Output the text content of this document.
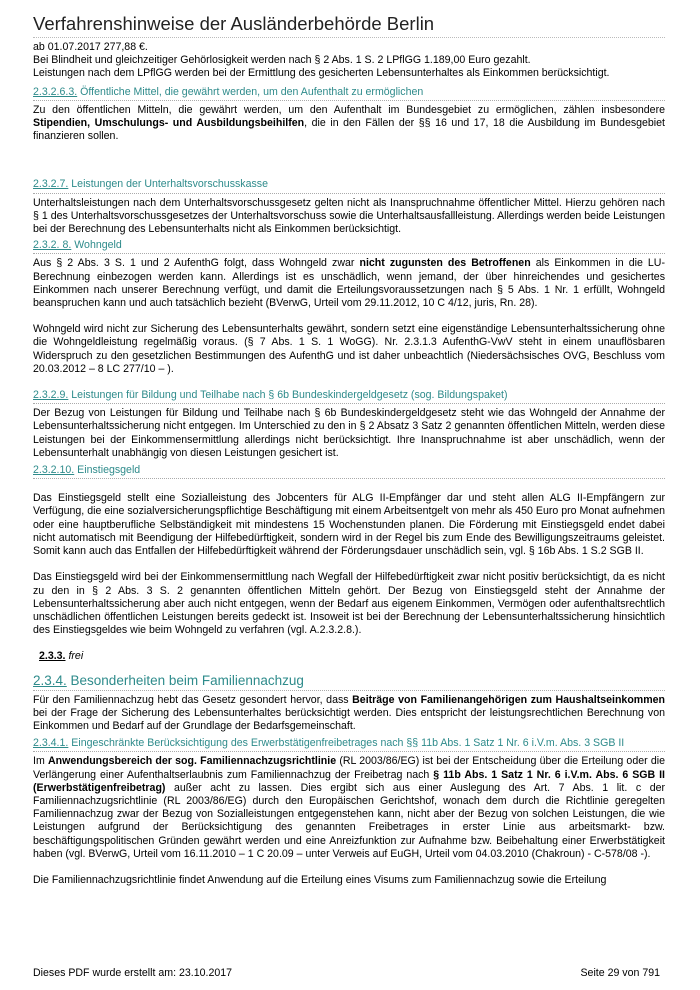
Verfahrenshinweise der Ausländerbehörde Berlin

ab 01.07.2017 277,88 €.

Bei Blindheit und gleichzeitiger Gehörlosigkeit werden nach § 2 Abs. 1 S. 2 LPflGG 1.189,00 Euro gezahlt.

Leistungen nach dem LPflGG werden bei der Ermittlung des gesicherten Lebensunterhaltes als Einkommen berücksichtigt.

2.3.2.6.3. Öffentliche Mittel, die gewährt werden, um den Aufenthalt zu ermöglichen

Zu den öffentlichen Mitteln, die gewährt werden, um den Aufenthalt im Bundesgebiet zu ermöglichen, zählen insbesondere Stipendien, Umschulungs- und Ausbildungsbeihilfen, die in den Fällen der §§ 16 und 17, 18 die Ausbildung im Bundesgebiet finanzieren sollen.

2.3.2.7. Leistungen der Unterhaltsvorschusskasse

Unterhaltsleistungen nach dem Unterhaltsvorschussgesetz gelten nicht als Inanspruchnahme öffentlicher Mittel. Hierzu gehören nach § 1 des Unterhaltsvorschussgesetzes der Unterhaltsvorschuss sowie die Unterhaltsausfallleistung. Allerdings werden beide Leistungen bei der Berechnung des Lebensunterhalts nicht als Einkommen berücksichtigt.

2.3.2. 8. Wohngeld

Aus § 2 Abs. 3 S. 1 und 2 AufenthG folgt, dass Wohngeld zwar nicht zugunsten des Betroffenen als Einkommen in die LU- Berechnung einbezogen werden kann. Allerdings ist es unschädlich, wenn jemand, der über hinreichendes und gesichertes Einkommen nach unserer Berechnung verfügt, und damit die Erteilungsvoraussetzungen nach § 5 Abs. 1 Nr. 1 erfüllt, Wohngeld beanspruchen kann und auch tatsächlich bezieht (BVerwG, Urteil vom 29.11.2012, 10 C 4/12, juris, Rn. 28).

Wohngeld wird nicht zur Sicherung des Lebensunterhalts gewährt, sondern setzt eine eigenständige Lebensunterhaltssicherung ohne die Wohngeldleistung regelmäßig voraus. (§ 7 Abs. 1 S. 1 WoGG). Nr. 2.3.1.3 AufenthG-VwV steht in einem unauflösbaren Widerspruch zu den gesetzlichen Bestimmungen des AufenthG und ist daher unbeachtlich (Niedersächsisches OVG, Beschluss vom 20.03.2012 – 8 LC 277/10 – ).

2.3.2.9. Leistungen für Bildung und Teilhabe nach § 6b Bundeskindergeldgesetz (sog. Bildungspaket)

Der Bezug von Leistungen für Bildung und Teilhabe nach § 6b Bundeskindergeldgesetz steht wie das Wohngeld der Annahme der Lebensunterhaltssicherung nicht entgegen. Im Unterschied zu den in § 2 Absatz 3 Satz 2 genannten öffentlichen Mitteln, werden diese Leistungen bei der Einkommensermittlung allerdings nicht berücksichtigt. Ihre Inanspruchnahme ist aber unschädlich, wenn der Lebensunterhalt unabhängig von diesen Leistungen gesichert ist.

2.3.2.10. Einstiegsgeld

Das Einstiegsgeld stellt eine Sozialleistung des Jobcenters für ALG II-Empfänger dar und steht allen ALG II-Empfängern zur Verfügung, die eine sozialversicherungspflichtige Beschäftigung mit einem Arbeitsentgelt von mehr als 450 Euro pro Monat aufnehmen oder eine hauptberufliche Selbständigkeit mit mindestens 15 Wochenstunden planen. Die Förderung mit Einstiegsgeld endet dabei nicht automatisch mit Beendigung der Hilfebedürftigkeit, sondern wird in der Regel bis zum Ende des Bewilligungszeitraums geleistet. Somit kann auch das Entfallen der Hilfebedürftigkeit während der Förderungsdauer unschädlich sein, vgl. § 16b Abs. 1 S.2 SGB II.

Das Einstiegsgeld wird bei der Einkommensermittlung nach Wegfall der Hilfebedürftigkeit zwar nicht positiv berücksichtigt, da es nicht zu den in § 2 Abs. 3 S. 2 genannten öffentlichen Mitteln gehört. Der Bezug von Einstiegsgeld steht der Annahme der Lebensunterhaltssicherung aber auch nicht entgegen, wenn der Bedarf aus eigenem Einkommen, Vermögen oder aufenthaltsrechtlich unschädlichen öffentlichen Leistungen bereits gedeckt ist. Insoweit ist bei der Berechnung der Lebensunterhaltssicherung hinsichtlich des Einstiegsgeldes wie beim Wohngeld zu verfahren (vgl. A.2.3.2.8.).

2.3.3. frei
2.3.4. Besonderheiten beim Familiennachzug

Für den Familiennachzug hebt das Gesetz gesondert hervor, dass Beiträge von Familienangehörigen zum Haushaltseinkommen bei der Frage der Sicherung des Lebensunterhaltes berücksichtigt werden. Dies entspricht der leistungsrechtlichen Berechnung von Einkommen und Bedarf auf der Grundlage der Bedarfsgemeinschaft.

2.3.4.1. Eingeschränkte Berücksichtigung des Erwerbstätigenfreibetrages nach §§ 11b Abs. 1 Satz 1 Nr. 6 i.V.m. Abs. 3 SGB II

Im Anwendungsbereich der sog. Familiennachzugsrichtlinie (RL 2003/86/EG) ist bei der Entscheidung über die Erteilung oder die Verlängerung einer Aufenthaltserlaubnis zum Familiennachzug der Freibetrag nach § 11b Abs. 1 Satz 1 Nr. 6 i.V.m. Abs. 6 SGB II (Erwerbstätigenfreibetrag) außer acht zu lassen. Dies ergibt sich aus einer Auslegung des Art. 7 Abs. 1 lit. c der Familiennachzugsrichtlinie (RL 2003/86/EG) durch den Europäischen Gerichtshof, wonach dem durch die Richtlinie geregelten Familiennachzug zwar der Bezug von Sozialleistungen entgegenstehen kann, nicht aber der Bezug von solchen Leistungen, die wie Leistungen aufgrund der Berücksichtigung des genannten Freibetrages in erster Linie aus arbeitsmarkt- bzw. beschäftigungspolitischen Gründen gewährt werden und eine Anreizfunktion zur Aufnahme bzw. Beibehaltung einer Erwerbstätigkeit haben (vgl. BVerwG, Urteil vom 16.11.2010 – 1 C 20.09 – unter Verweis auf EuGH, Urteil vom 04.03.2010 (Chakroun) - C-578/08 -).

Die Familiennachzugsrichtlinie findet Anwendung auf die Erteilung eines Visums zum Familiennachzug sowie die Erteilung

Dieses PDF wurde erstellt am: 23.10.2017	Seite 29 von 791
